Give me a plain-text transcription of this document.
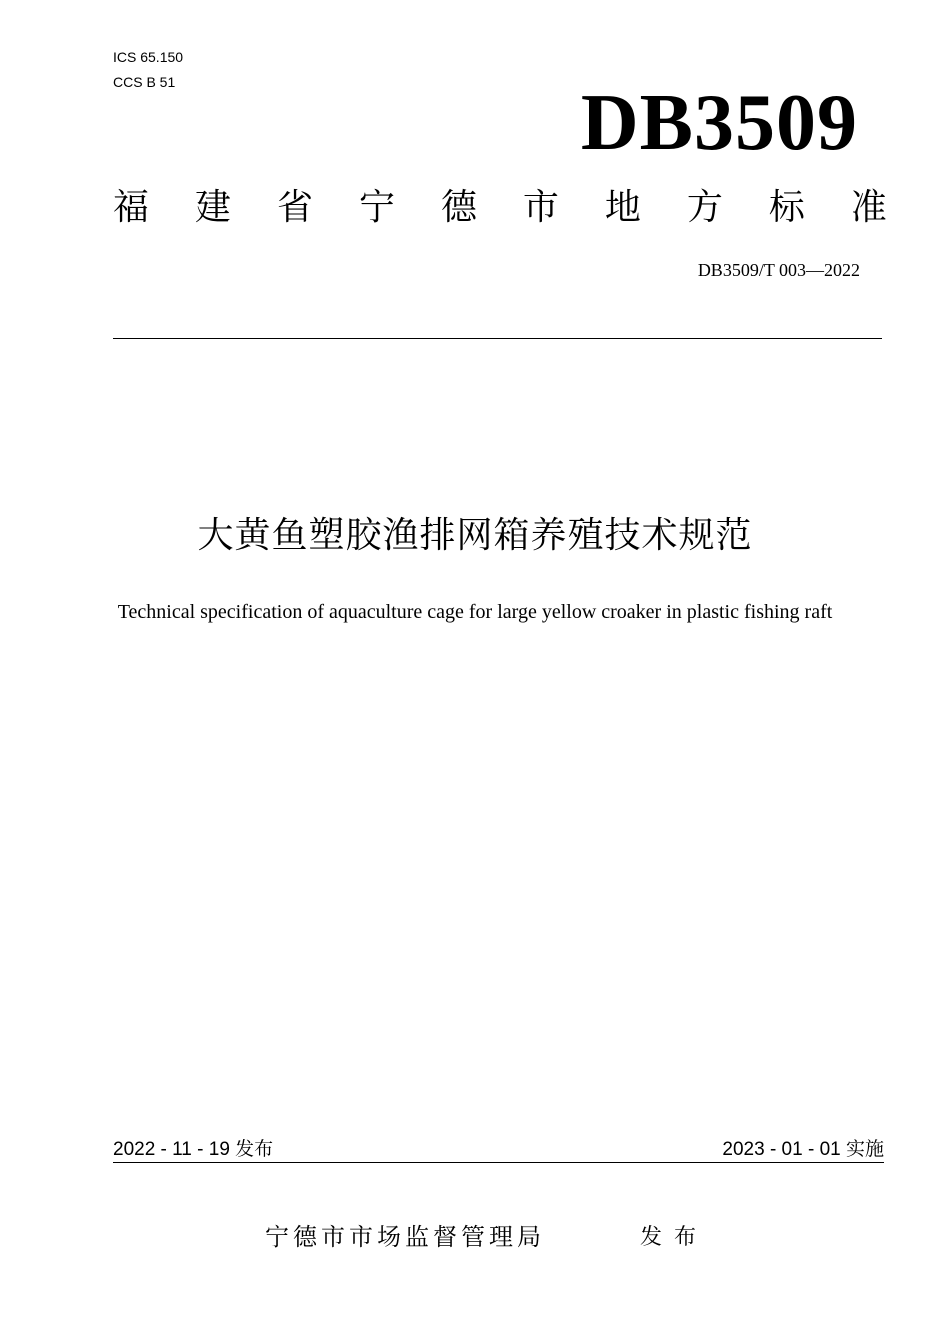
ICS 65.150
CCS B 51	DB3509
福 建 省 宁 德 市 地 方 标 准
DB3509/T 003—2022
大黄鱼塑胶渔排网箱养殖技术规范
Technical specification of aquaculture cage for large yellow croaker in plastic fishing raft
2022 - 11 - 19 发布	2023 - 01 - 01 实施
宁德市市场监督管理局	发布
